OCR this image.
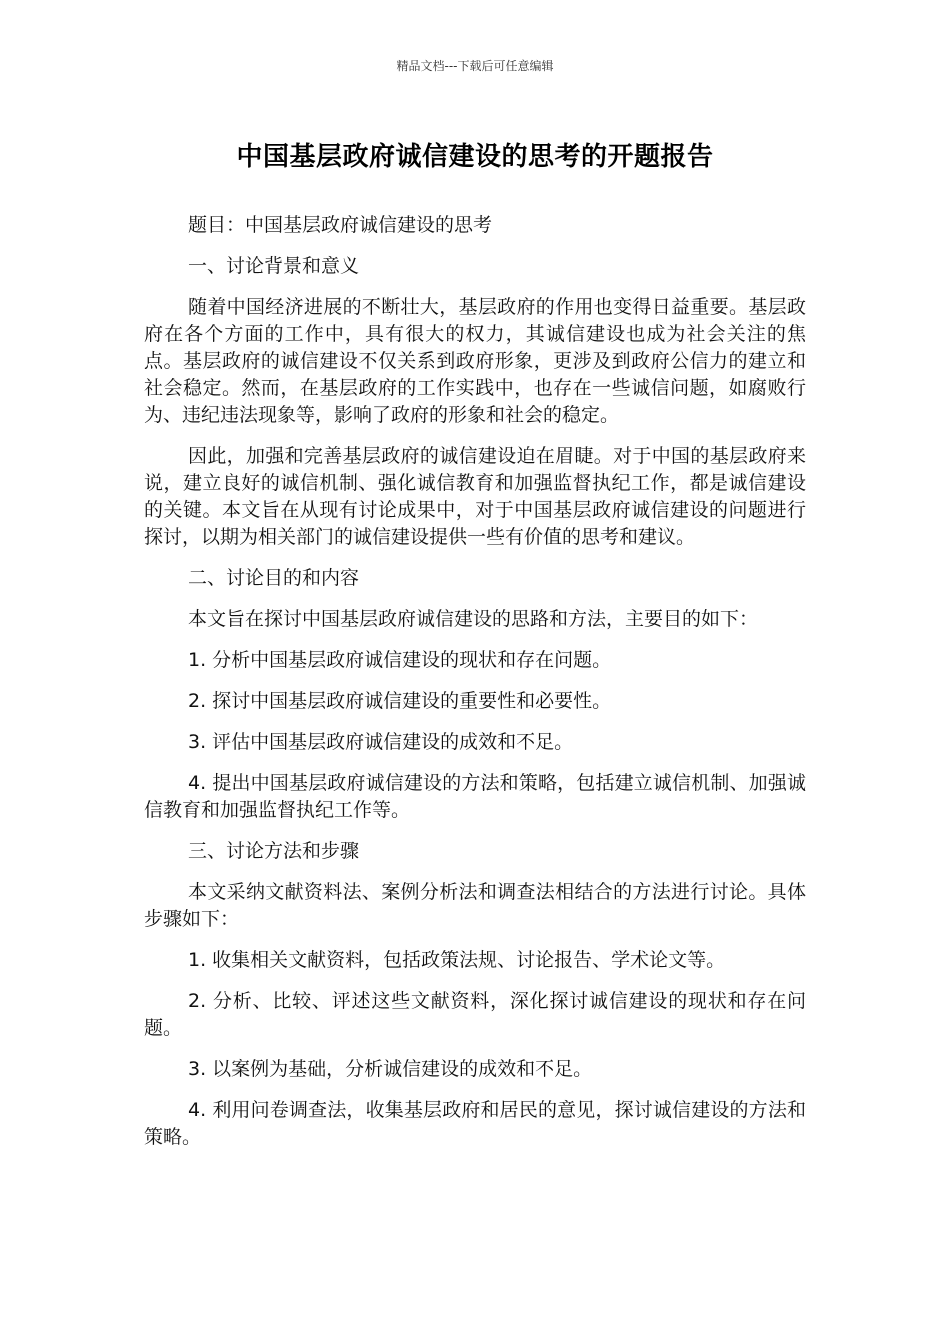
精品文档---下载后可任意编辑
中国基层政府诚信建设的思考的开题报告

题目：中国基层政府诚信建设的思考

一、讨论背景和意义

随着中国经济进展的不断壮大，基层政府的作用也变得日益重要。基层政府在各个方面的工作中，具有很大的权力，其诚信建设也成为社会关注的焦点。基层政府的诚信建设不仅关系到政府形象，更涉及到政府公信力的建立和社会稳定。然而，在基层政府的工作实践中，也存在一些诚信问题，如腐败行为、违纪违法现象等，影响了政府的形象和社会的稳定。

因此，加强和完善基层政府的诚信建设迫在眉睫。对于中国的基层政府来说，建立良好的诚信机制、强化诚信教育和加强监督执纪工作，都是诚信建设的关键。本文旨在从现有讨论成果中，对于中国基层政府诚信建设的问题进行探讨，以期为相关部门的诚信建设提供一些有价值的思考和建议。

二、讨论目的和内容

本文旨在探讨中国基层政府诚信建设的思路和方法，主要目的如下：

1. 分析中国基层政府诚信建设的现状和存在问题。

2. 探讨中国基层政府诚信建设的重要性和必要性。

3. 评估中国基层政府诚信建设的成效和不足。

4. 提出中国基层政府诚信建设的方法和策略，包括建立诚信机制、加强诚信教育和加强监督执纪工作等。

三、讨论方法和步骤

本文采纳文献资料法、案例分析法和调查法相结合的方法进行讨论。具体步骤如下：

1. 收集相关文献资料，包括政策法规、讨论报告、学术论文等。

2. 分析、比较、评述这些文献资料，深化探讨诚信建设的现状和存在问题。

3. 以案例为基础，分析诚信建设的成效和不足。

4. 利用问卷调查法，收集基层政府和居民的意见，探讨诚信建设的方法和策略。
